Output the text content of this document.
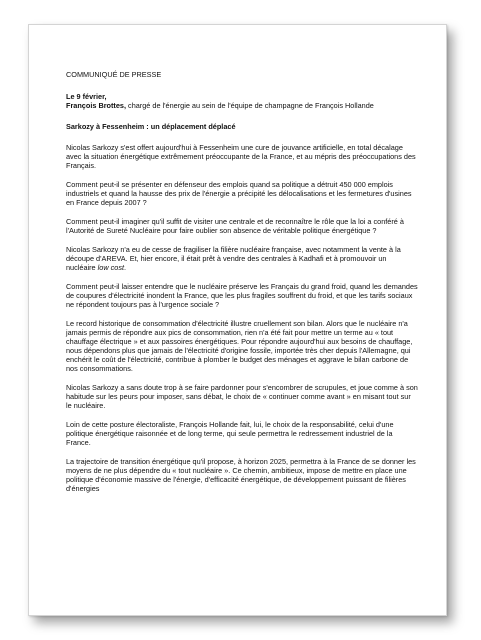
COMMUNIQUÉ DE PRESSE
Le 9 février,
François Brottes, chargé de l'énergie au sein de l'équipe de champagne de François Hollande
Sarkozy à Fessenheim : un déplacement déplacé

Nicolas Sarkozy s'est offert aujourd'hui à Fessenheim une cure de jouvance artificielle, en total décalage avec la situation énergétique extrêmement préoccupante de la France, et au mépris des préoccupations des Français.

Comment peut-il se présenter en défenseur des emplois quand sa politique a détruit 450 000 emplois industriels et quand la hausse des prix de l'énergie a précipité les délocalisations et les fermetures d'usines en France depuis 2007 ?

Comment peut-il imaginer qu'il suffit de visiter une centrale et de reconnaître le rôle que la loi a conféré à l'Autorité de Sureté Nucléaire pour faire oublier son absence de véritable politique énergétique ?

Nicolas Sarkozy n'a eu de cesse de fragiliser la filière nucléaire française, avec notamment la vente à la découpe d'AREVA. Et, hier encore, il était prêt à vendre des centrales à Kadhafi et à promouvoir un nucléaire low cost.

Comment peut-il laisser entendre que le nucléaire préserve les Français du grand froid, quand les demandes de coupures d'électricité inondent la France, que les plus fragiles souffrent du froid, et que les tarifs sociaux ne répondent toujours pas à l'urgence sociale ?

Le record historique de consommation d'électricité illustre cruellement son bilan. Alors que le nucléaire n'a jamais permis de répondre aux pics de consommation, rien n'a été fait pour mettre un terme au « tout chauffage électrique » et aux passoires énergétiques. Pour répondre aujourd'hui aux besoins de chauffage, nous dépendons plus que jamais de l'électricité d'origine fossile, importée très cher depuis l'Allemagne, qui enchérit le coût de l'électricité, contribue à plomber le budget des ménages et aggrave le bilan carbone de nos consommations.

Nicolas Sarkozy a sans doute trop à se faire pardonner pour s'encombrer de scrupules, et joue comme à son habitude sur les peurs pour imposer, sans débat, le choix de « continuer comme avant » en misant tout sur le nucléaire.

Loin de cette posture électoraliste, François Hollande fait, lui, le choix de la responsabilité, celui d'une politique énergétique raisonnée et de long terme, qui seule permettra le redressement industriel de la France.

La trajectoire de transition énergétique qu'il propose, à horizon 2025, permettra à la France de se donner les moyens de ne plus dépendre du « tout nucléaire ». Ce chemin, ambitieux, impose de mettre en place une politique d'économie massive de l'énergie, d'efficacité énergétique, de développement puissant de filières d'énergies
